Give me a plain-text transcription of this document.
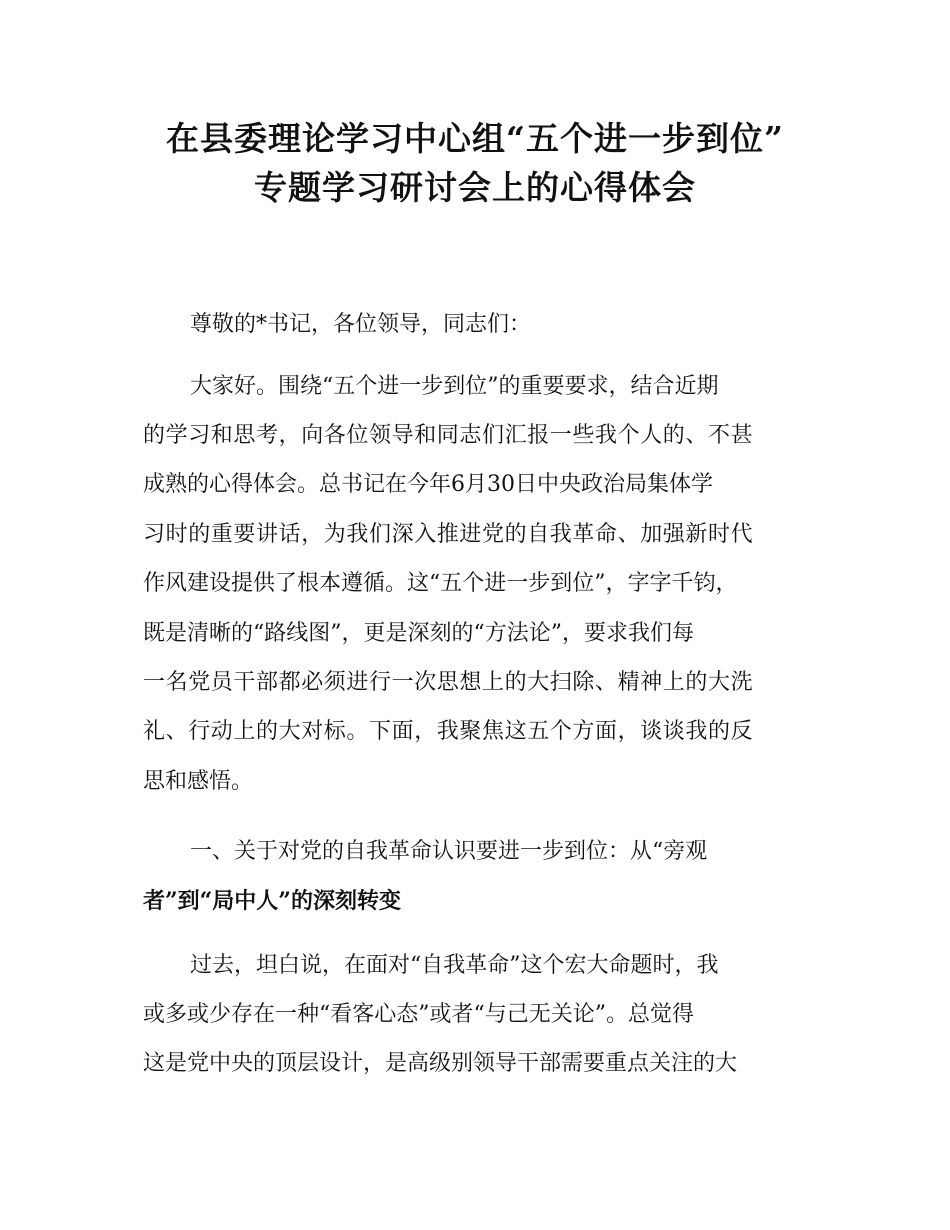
在县委理论学习中心组“五个进一步到位”
专题学习研讨会上的心得体会
尊敬的*书记，各位领导，同志们：
大家好。围绕“五个进一步到位”的重要要求，结合近期
的学习和思考，向各位领导和同志们汇报一些我个人的、不甚
成熟的心得体会。总书记在今年6月30日中央政治局集体学
习时的重要讲话，为我们深入推进党的自我革命、加强新时代
作风建设提供了根本遵循。这“五个进一步到位”，字字千钧，
既是清晰的“路线图”，更是深刻的“方法论”，要求我们每
一名党员干部都必须进行一次思想上的大扫除、精神上的大洗
礼、行动上的大对标。下面，我聚焦这五个方面，谈谈我的反
思和感悟。
一、关于对党的自我革命认识要进一步到位：从“旁观
者”到“局中人”的深刻转变
过去，坦白说，在面对“自我革命”这个宏大命题时，我
或多或少存在一种“看客心态”或者“与己无关论”。总觉得
这是党中央的顶层设计，是高级别领导干部需要重点关注的大
